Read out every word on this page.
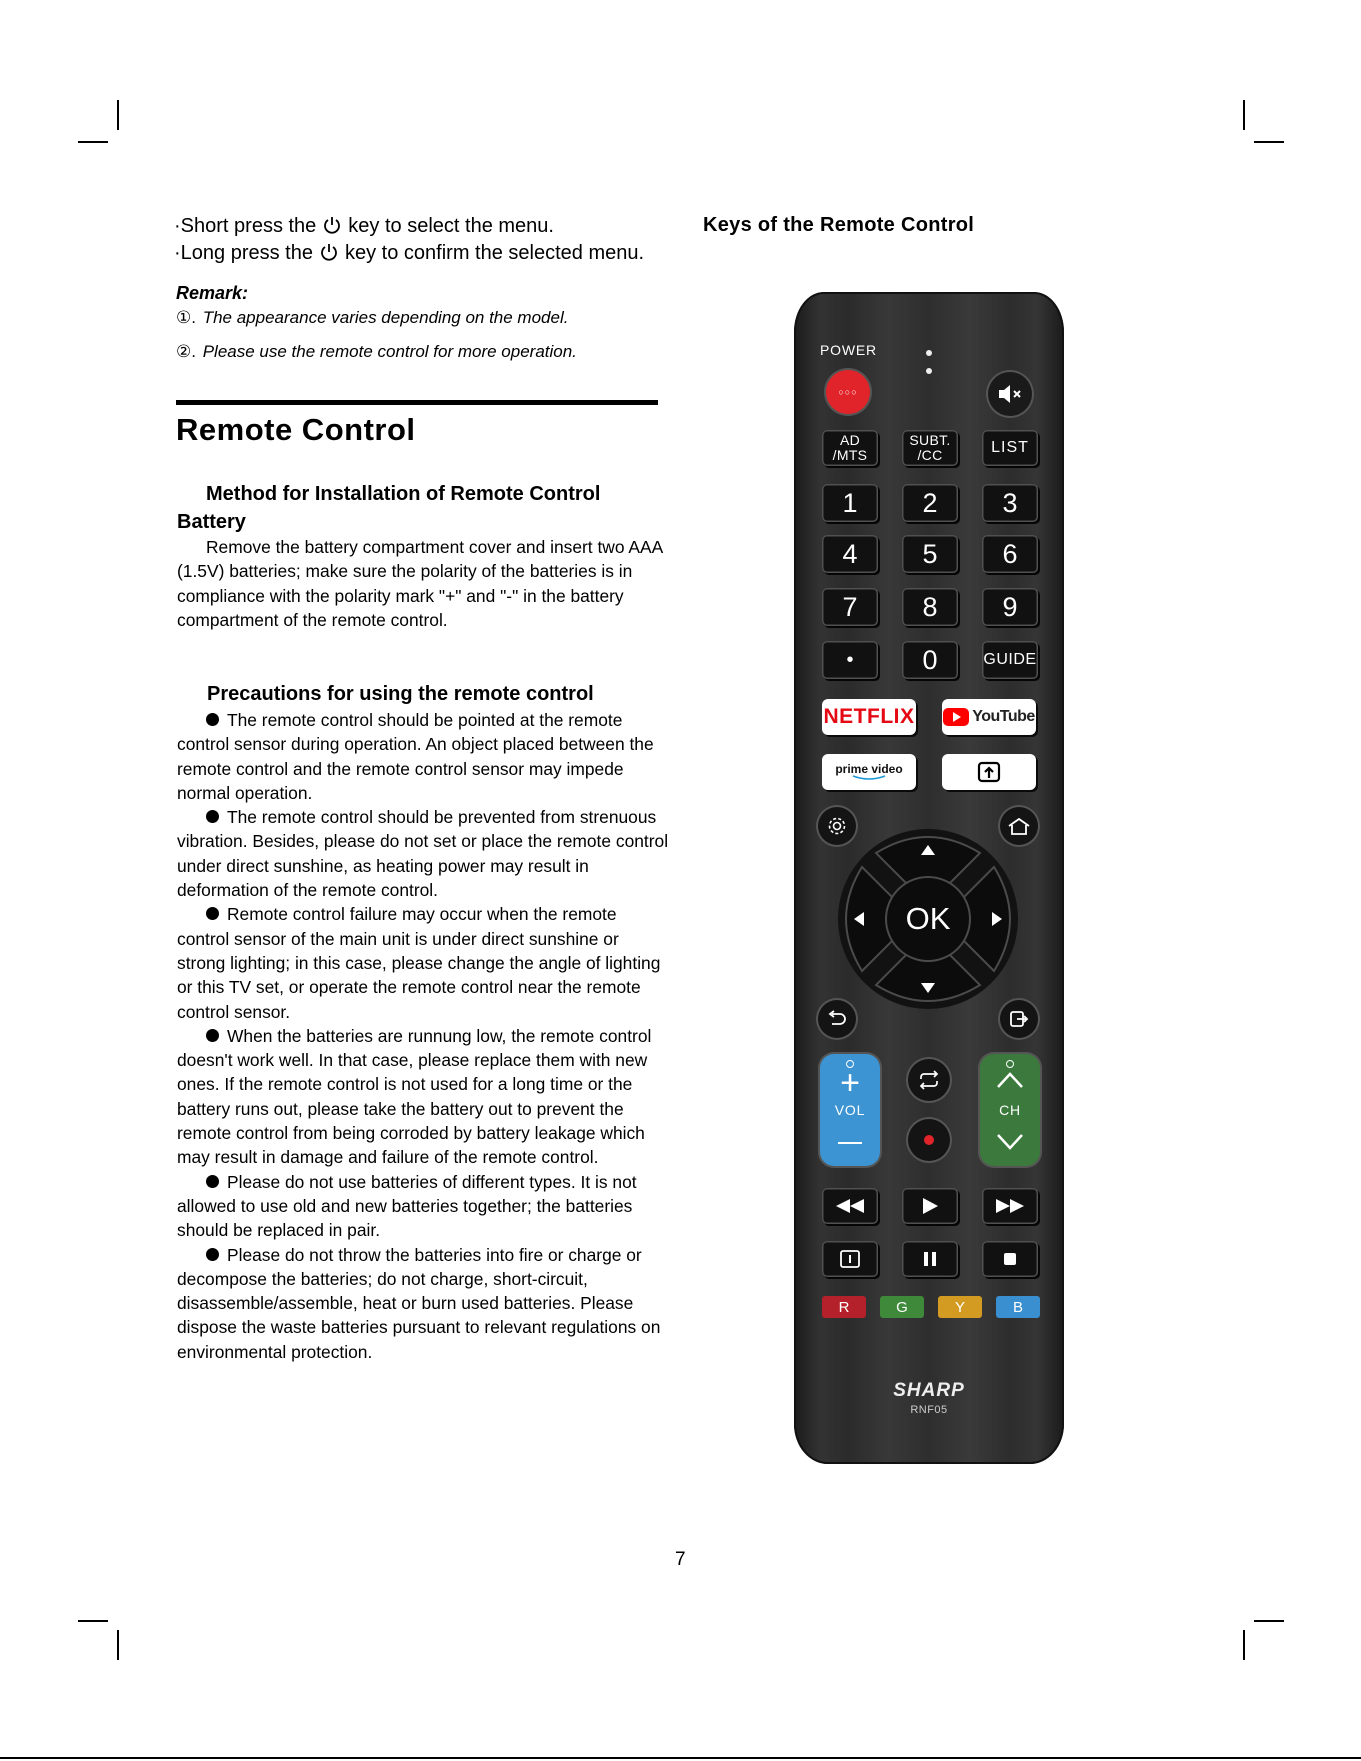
·Short press the key to select the menu.
·Long press the key to confirm the selected menu.
Remark:
①. The appearance varies depending on the model.
②. Please use the remote control for more operation.
Remote Control
Method for Installation of Remote Control Battery

Remove the battery compartment cover and insert two AAA (1.5V) batteries; make sure the polarity of the batteries is in compliance with the polarity mark "+" and "-" in the battery compartment of the remote control.

Precautions for using the remote control

The remote control should be pointed at the remote control sensor during operation. An object placed between the remote control and the remote control sensor may impede normal operation.

The remote control should be prevented from strenuous vibration. Besides, please do not set or place the remote control under direct sunshine, as heating power may result in deformation of the remote control.

Remote control failure may occur when the remote control sensor of the main unit is under direct sunshine or strong lighting; in this case, please change the angle of lighting or this TV set, or operate the remote control near the remote control sensor.

When the batteries are runnung low, the remote control doesn't work well. In that case, please replace them with new ones. If the remote control is not used for a long time or the battery runs out, please take the battery out to prevent the remote control from being corroded by battery leakage which may result in damage and failure of the remote control.

Please do not use batteries of different types. It is not allowed to use old and new batteries together; the batteries should be replaced in pair.

Please do not throw the batteries into fire or charge or decompose the batteries; do not charge, short-circuit, disassemble/assemble, heat or burn used batteries. Please dispose the waste batteries pursuant to relevant regulations on environmental protection.

Keys of the Remote Control
POWER
○○○
AD
/MTS
SUBT.
/CC	LIST
1	2	3
4	5	6
7	8	9
•	0	GUIDE
NETFLIX	YouTube
prime video
OK
+
VOL	CH
R	G	Y	B
SHARP
RNF05
7
